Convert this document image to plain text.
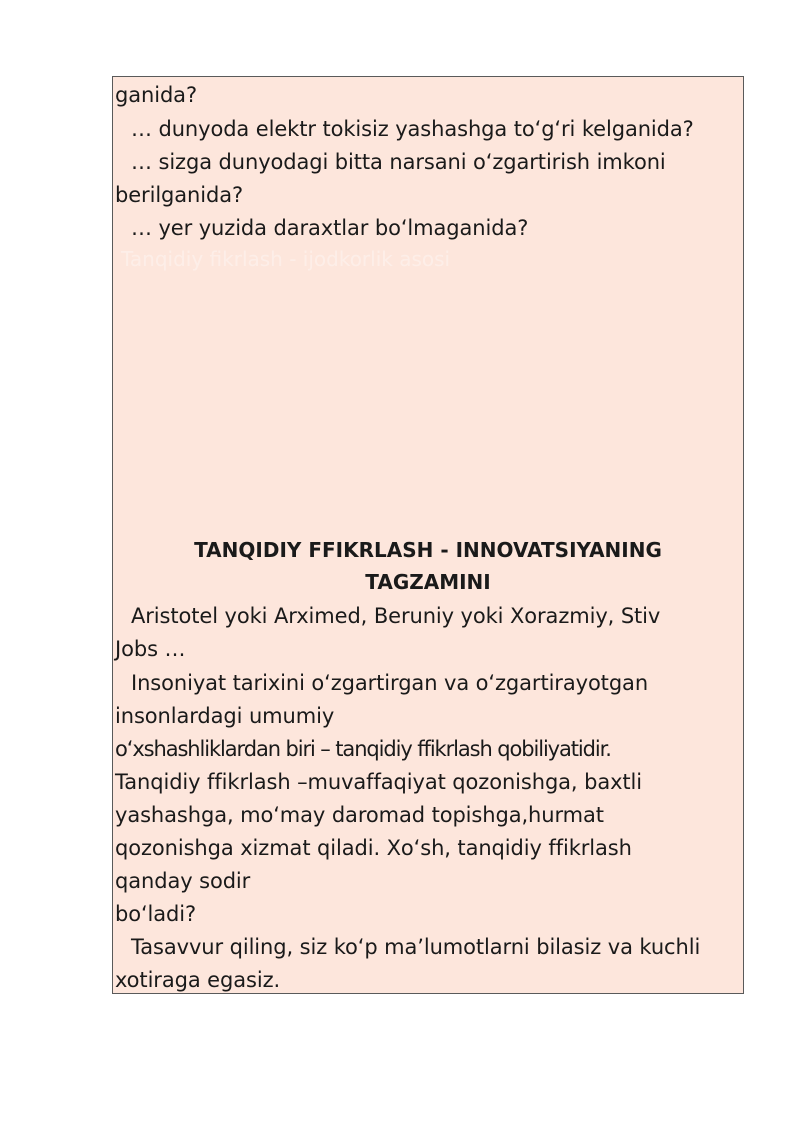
ganida?
… dunyoda elektr tokisiz yashashga toʻgʻri kelganida?
… sizga dunyodagi bitta narsani oʻzgartirish imkoni
berilganida?
… yer yuzida daraxtlar boʻlmaganida?
Tanqidiy fikrlash - ijodkorlik asosi
TANQIDIY FFIKRLASH - INNOVATSIYANING
TAGZAMINI
Aristotel yoki Arximed, Beruniy yoki Xorazmiy, Stiv
Jobs …
Insoniyat tarixini oʻzgartirgan va oʻzgartirayotgan
insonlardagi umumiy
oʻxshashliklardan biri – tanqidiy ffikrlash qobiliyatidir.
Tanqidiy ffikrlash –muvaffaqiyat qozonishga, baxtli
yashashga, moʻmay daromad topishga,hurmat
qozonishga xizmat qiladi. Xoʻsh, tanqidiy ffikrlash
qanday sodir
boʻladi?
Tasavvur qiling, siz koʻp maʼlumotlarni bilasiz va kuchli
xotiraga egasiz.
